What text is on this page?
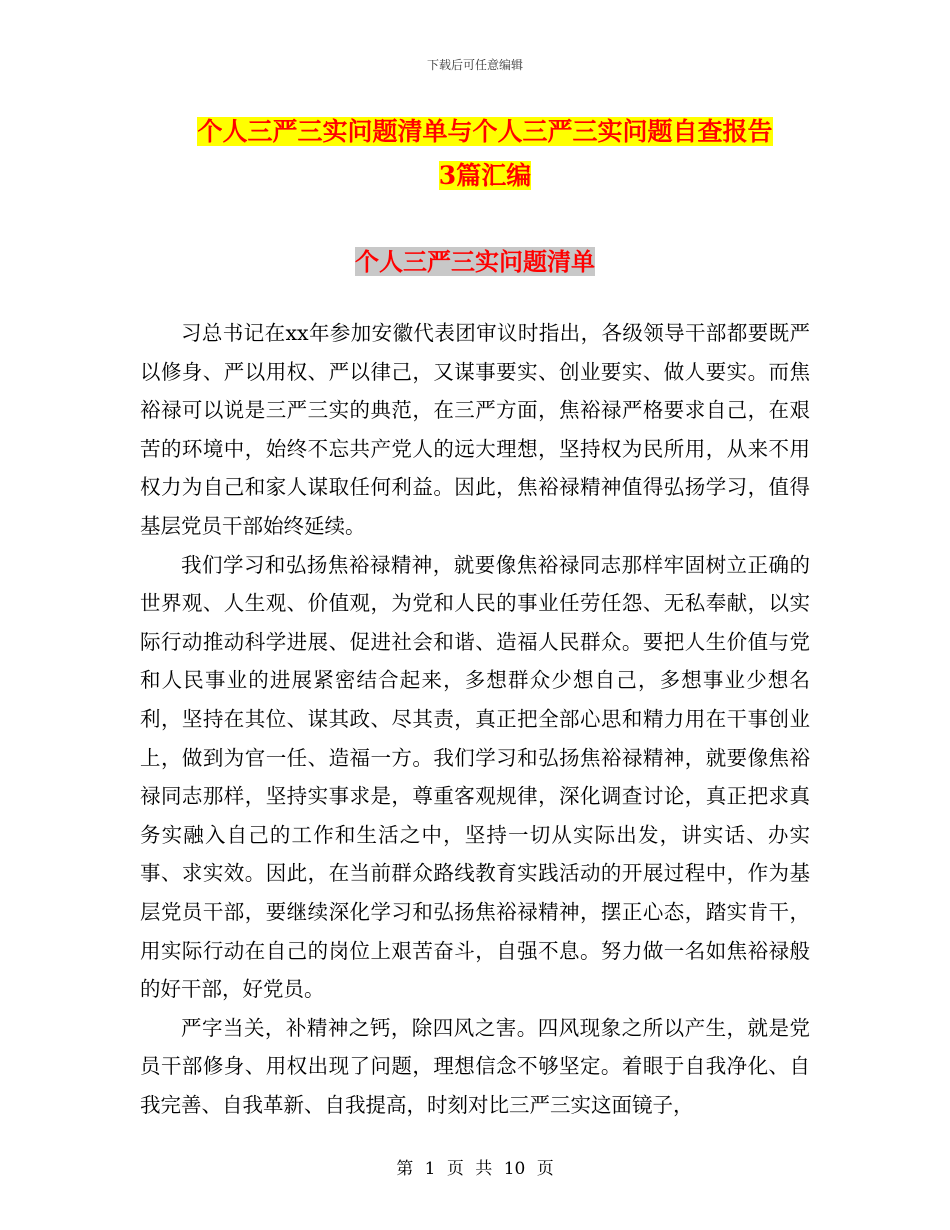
下载后可任意编辑
个人三严三实问题清单与个人三严三实问题自查报告
3篇汇编
个人三严三实问题清单

习总书记在xx年参加安徽代表团审议时指出，各级领导干部都要既严以修身、严以用权、严以律己，又谋事要实、创业要实、做人要实。而焦裕禄可以说是三严三实的典范，在三严方面，焦裕禄严格要求自己，在艰苦的环境中，始终不忘共产党人的远大理想，坚持权为民所用，从来不用权力为自己和家人谋取任何利益。因此，焦裕禄精神值得弘扬学习，值得基层党员干部始终延续。

我们学习和弘扬焦裕禄精神，就要像焦裕禄同志那样牢固树立正确的世界观、人生观、价值观，为党和人民的事业任劳任怨、无私奉献，以实际行动推动科学进展、促进社会和谐、造福人民群众。要把人生价值与党和人民事业的进展紧密结合起来，多想群众少想自己，多想事业少想名利，坚持在其位、谋其政、尽其责，真正把全部心思和精力用在干事创业上，做到为官一任、造福一方。我们学习和弘扬焦裕禄精神，就要像焦裕禄同志那样，坚持实事求是，尊重客观规律，深化调查讨论，真正把求真务实融入自己的工作和生活之中，坚持一切从实际出发，讲实话、办实事、求实效。因此，在当前群众路线教育实践活动的开展过程中，作为基层党员干部，要继续深化学习和弘扬焦裕禄精神，摆正心态，踏实肯干，用实际行动在自己的岗位上艰苦奋斗，自强不息。努力做一名如焦裕禄般的好干部，好党员。

严字当关，补精神之钙，除四风之害。四风现象之所以产生，就是党员干部修身、用权出现了问题，理想信念不够坚定。着眼于自我净化、自我完善、自我革新、自我提高，时刻对比三严三实这面镜子，

第 1 页 共 10 页
